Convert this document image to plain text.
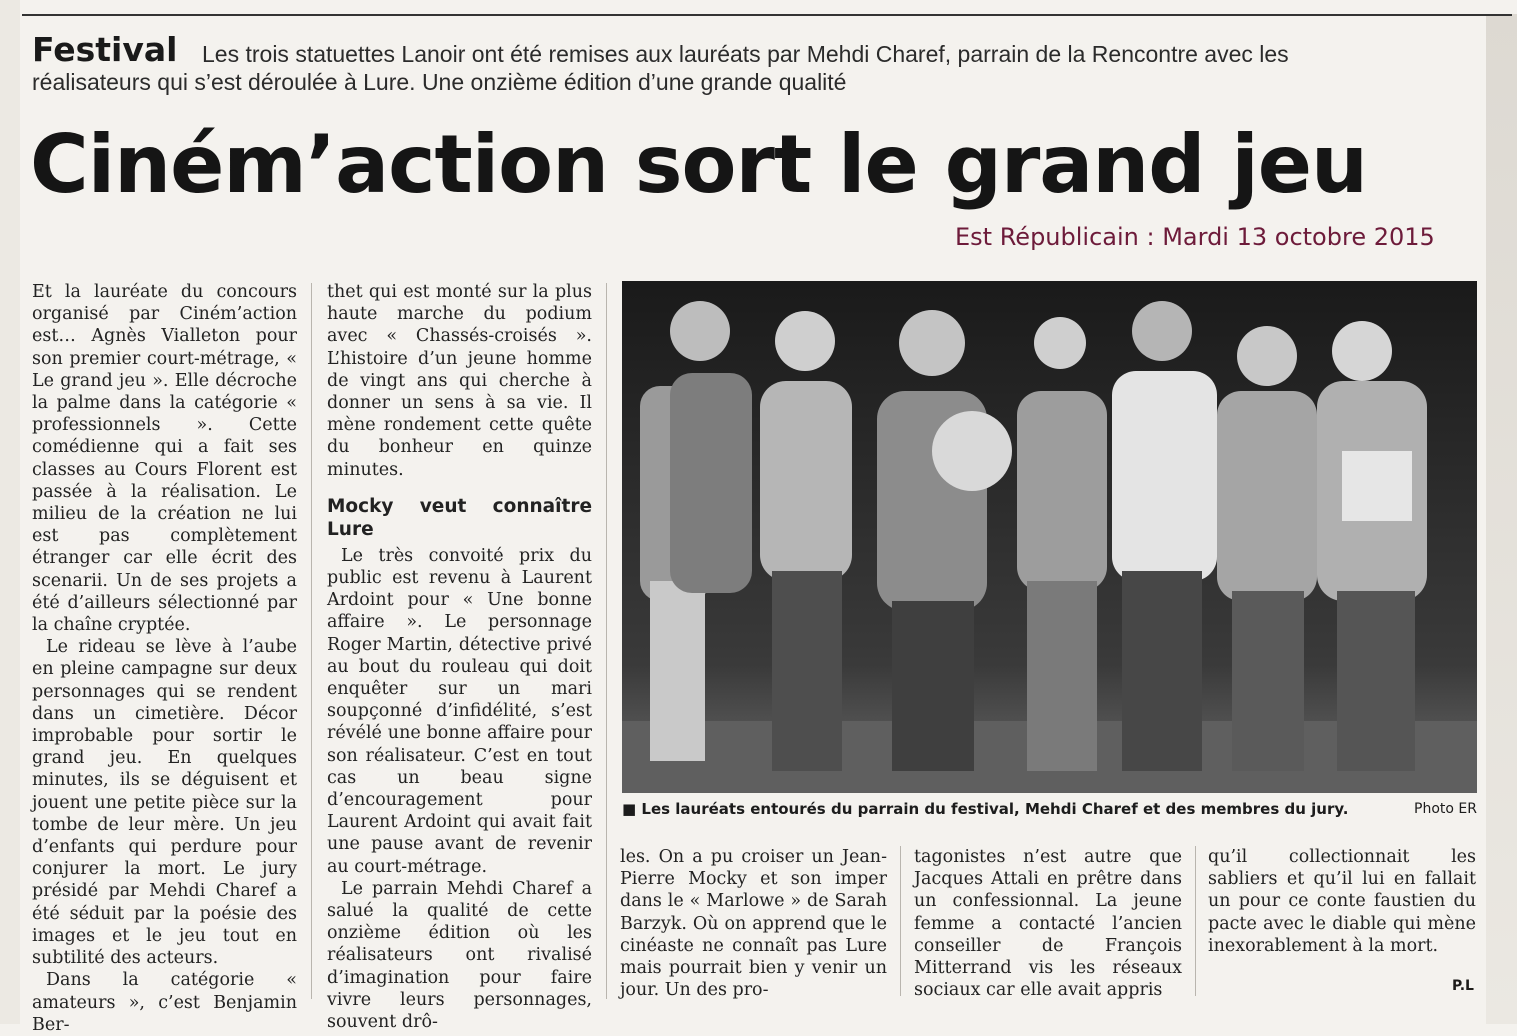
Les trois statuettes Lanoir ont été remises aux lauréats par Mehdi Charef, parrain de la Rencontre avec les réalisateurs qui s’est déroulée à Lure. Une onzième édition d’une grande qualité
Festival
Ciném’action sort le grand jeu
Est Républicain : Mardi 13 octobre 2015

Et la lauréate du concours organisé par Ciném’action est… Agnès Vialleton pour son premier court-métrage, « Le grand jeu ». Elle décroche la palme dans la catégorie « professionnels ». Cette comédienne qui a fait ses classes au Cours Florent est passée à la réalisation. Le milieu de la création ne lui est pas complètement étranger car elle écrit des scenarii. Un de ses projets a été d’ailleurs sélectionné par la chaîne cryptée.

Le rideau se lève à l’aube en pleine campagne sur deux personnages qui se rendent dans un cimetière. Décor improbable pour sortir le grand jeu. En quelques minutes, ils se déguisent et jouent une petite pièce sur la tombe de leur mère. Un jeu d’enfants qui perdure pour conjurer la mort. Le jury présidé par Mehdi Charef a été séduit par la poésie des images et le jeu tout en subtilité des acteurs.

Dans la catégorie « amateurs », c’est Benjamin Ber-

thet qui est monté sur la plus haute marche du podium avec « Chassés-croisés ». L’histoire d’un jeune homme de vingt ans qui cherche à donner un sens à sa vie. Il mène rondement cette quête du bonheur en quinze minutes.

Mocky veut connaître Lure

Le très convoité prix du public est revenu à Laurent Ardoint pour « Une bonne affaire ». Le personnage Roger Martin, détective privé au bout du rouleau qui doit enquêter sur un mari soupçonné d’infidélité, s’est révélé une bonne affaire pour son réalisateur. C’est en tout cas un beau signe d’encouragement pour Laurent Ardoint qui avait fait une pause avant de revenir au court-métrage.

Le parrain Mehdi Charef a salué la qualité de cette onzième édition où les réalisateurs ont rivalisé d’imagination pour faire vivre leurs personnages, souvent drô-

■ Les lauréats entourés du parrain du festival, Mehdi Charef et des membres du jury.	Photo ER

les. On a pu croiser un Jean-Pierre Mocky et son imper dans le « Marlowe » de Sarah Barzyk. Où on apprend que le cinéaste ne connaît pas Lure mais pourrait bien y venir un jour. Un des pro-

tagonistes n’est autre que Jacques Attali en prêtre dans un confessionnal. La jeune femme a contacté l’ancien conseiller de François Mitterrand vis les réseaux sociaux car elle avait appris

qu’il collectionnait les sabliers et qu’il lui en fallait un pour ce conte faustien du pacte avec le diable qui mène inexorablement à la mort.

P.L
